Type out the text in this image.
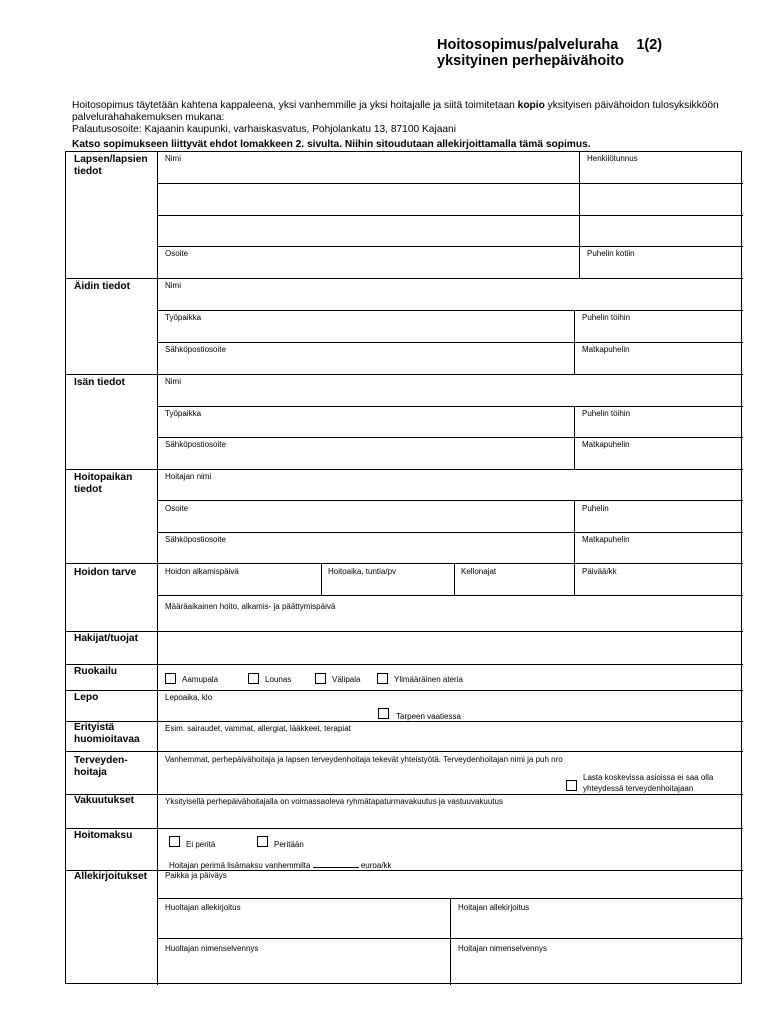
Hoitosopimus/palveluraha 1(2)
yksityinen perhepäivähoito
Hoitosopimus täytetään kahtena kappaleena, yksi vanhemmille ja yksi hoitajalle ja siitä toimitetaan kopio yksityisen päivähoidon tulosyksikköön palvelurahahakemuksen mukana:
Palautusosoite: Kajaanin kaupunki, varhaiskasvatus, Pohjolankatu 13, 87100 Kajaani
Katso sopimukseen liittyvät ehdot lomakkeen 2. sivulta. Niihin sitoudutaan allekirjoittamalla tämä sopimus.
Lapsen/lapsien tiedot
Nimi	Henkilötunnus
Osoite	Puhelin kotiin
Äidin tiedot	Nimi
Työpaikka	Puhelin töihin
Sähköpostiosoite	Matkapuhelin
Isän tiedot	Nimi
Työpaikka	Puhelin töihin
Sähköpostiosoite	Matkapuhelin
Hoitopaikan tiedot
Hoitajan nimi
Osoite	Puhelin
Sähköpostiosoite	Matkapuhelin
Hoidon tarve	Hoidon alkamispäivä	Hoitoaika, tuntia/pv	Kellonajat	Päivää/kk
Määräaikainen hoito, alkamis- ja päättymispäivä
Hakijat/tuojat
Ruokailu
Aamupala	Lounas	Välipala	Ylimääräinen ateria
Lepo	Lepoaika, klo
Tarpeen vaatiessa
Erityistä huomioitavaa
Esim. sairaudet, vammat, allergiat, lääkkeet, terapiat
Terveyden-hoitaja
Vanhemmat, perhepäivähoitaja ja lapsen terveydenhoitaja tekevät yhteistyötä. Terveydenhoitajan nimi ja puh nro
Lasta koskevissa asioissa ei saa olla
yhteydessä terveydenhoitajaan
Vakuutukset	Yksityisellä perhepäivähoitajalla on voimassaoleva ryhmätapaturmavakuutus ja vastuuvakuutus
Hoitomaksu
Ei peritä	Peritään
Hoitajan perimä lisämaksu vanhemmilta	euroa/kk
Allekirjoitukset Paikka ja päiväys
Huoltajan allekirjoitus	Hoitajan allekirjoitus
Huoltajan nimenselvennys	Hoitajan nimenselvennys
